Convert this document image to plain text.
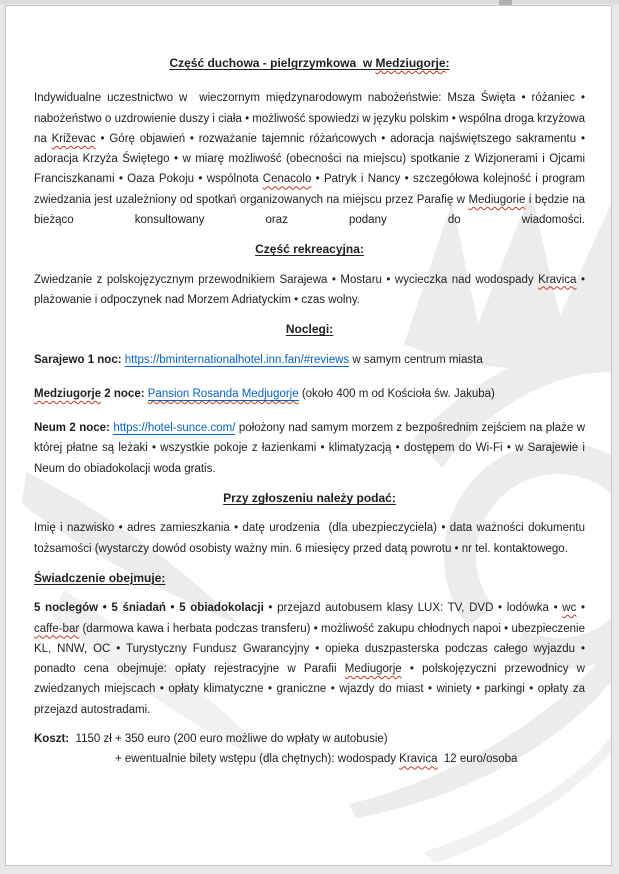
Część duchowa - pielgrzymkowa  w Medziugorje:

Indywidualne uczestnictwo w  wieczornym międzynarodowym nabożeństwie: Msza Święta • różaniec • nabożeństwo o uzdrowienie duszy i ciała • możliwość spowiedzi w języku polskim • wspólna droga krzyżowa na Križevac • Górę objawień • rozważanie tajemnic różańcowych • adoracja najświętszego sakramentu • adoracja Krzyża Świętego • w miarę możliwość (obecności na miejscu) spotkanie z Wizjonerami i Ojcami Franciszkanami • Oaza Pokoju • wspólnota Cenacolo • Patryk i Nancy • szczegółowa kolejność i program zwiedzania jest uzależniony od spotkań organizowanych na miejscu przez Parafię w Mediugorie i będzie na bieżąco konsultowany oraz podany do wiadomości.

Część rekreacyjna:

Zwiedzanie z polskojęzycznym przewodnikiem Sarajewa • Mostaru • wycieczka nad wodospady Kravica • plażowanie i odpoczynek nad Morzem Adriatyckim • czas wolny.

Noclegi:

Sarajewo 1 noc: https://bminternationalhotel.inn.fan/#reviews w samym centrum miasta

Medziugorje 2 noce: Pansion Rosanda Medjugorje (około 400 m od Kościoła św. Jakuba)

Neum 2 noce: https://hotel-sunce.com/ położony nad samym morzem z bezpośrednim zejściem na plaże w której płatne są leżaki • wszystkie pokoje z łazienkami • klimatyzacją • dostępem do Wi-Fi • w Sarajewie i Neum do obiadokolacji woda gratis.

Przy zgłoszeniu należy podać:

Imię i nazwisko • adres zamieszkania • datę urodzenia  (dla ubezpieczyciela) • data ważności dokumentu tożsamości (wystarczy dowód osobisty ważny min. 6 miesięcy przed datą powrotu • nr tel. kontaktowego.

Świadczenie obejmuje:

5 noclegów • 5 śniadań • 5 obiadokolacji • przejazd autobusem klasy LUX: TV, DVD • lodówka • wc • caffe-bar (darmowa kawa i herbata podczas transferu) • możliwość zakupu chłodnych napoi • ubezpieczenie KL, NNW, OC • Turystyczny Fundusz Gwarancyjny • opieka duszpasterska podczas całego wyjazdu • ponadto cena obejmuje: opłaty rejestracyjne w Parafii Mediugorje • polskojęzyczni przewodnicy w zwiedzanych miejscach • opłaty klimatyczne • graniczne • wjazdy do miast • winiety • parkingi • opłaty za przejazd autostradami.

Koszt:  1150 zł + 350 euro (200 euro możliwe do wpłaty w autobusie)

+ ewentualnie bilety wstępu (dla chętnych): wodospady Kravica  12 euro/osoba
